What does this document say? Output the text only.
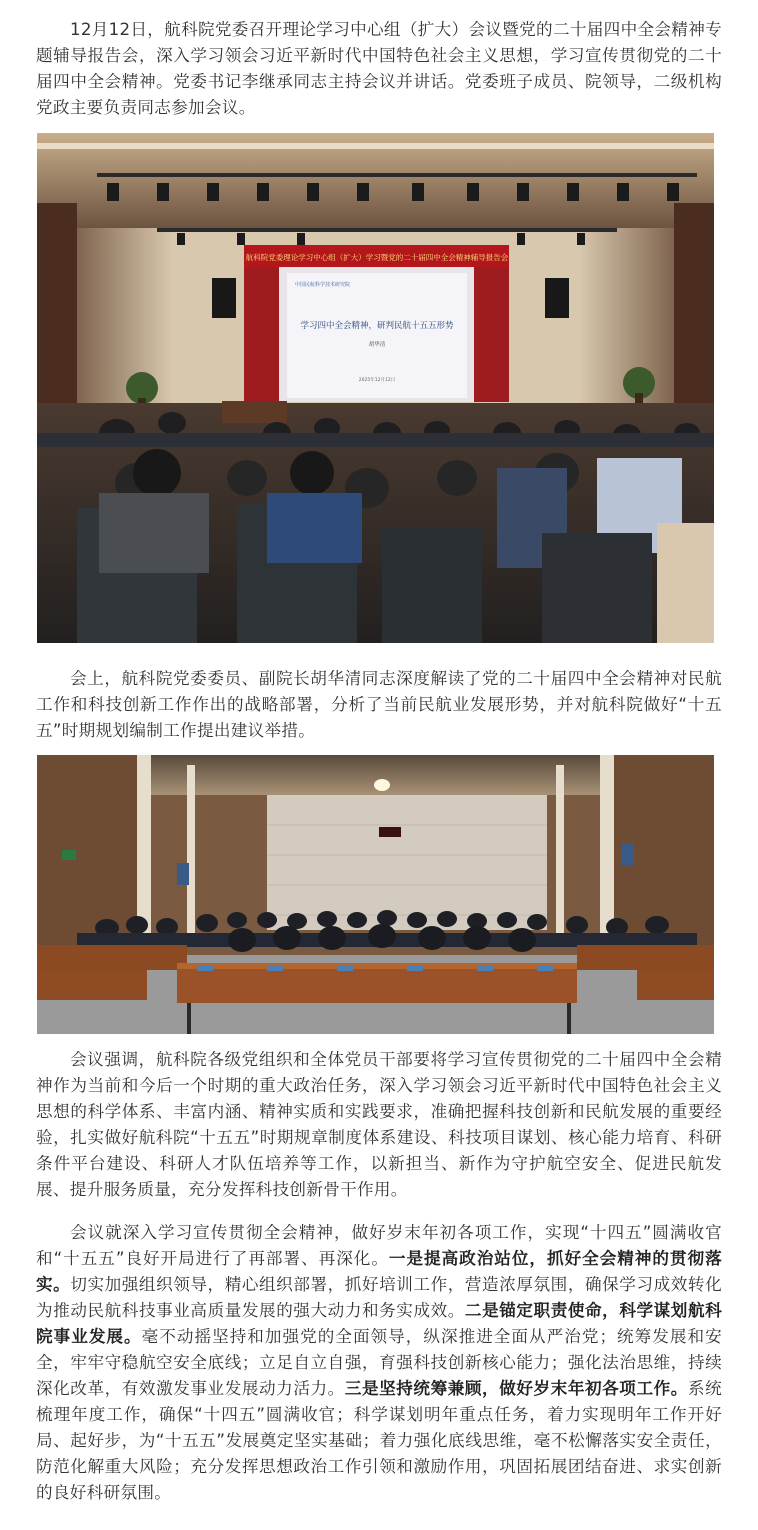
12月12日，航科院党委召开理论学习中心组（扩大）会议暨党的二十届四中全会精神专题辅导报告会，深入学习领会习近平新时代中国特色社会主义思想，学习宣传贯彻党的二十届四中全会精神。党委书记李继承同志主持会议并讲话。党委班子成员、院领导，二级机构党政主要负责同志参加会议。

航科院党委理论学习中心组（扩大）学习暨党的二十届四中全会精神辅导报告会
中国民航科学技术研究院
学习四中全会精神，研判民航十五五形势
胡华清
2025年12月12日

会上，航科院党委委员、副院长胡华清同志深度解读了党的二十届四中全会精神对民航工作和科技创新工作作出的战略部署，分析了当前民航业发展形势，并对航科院做好“十五五”时期规划编制工作提出建议举措。

会议强调，航科院各级党组织和全体党员干部要将学习宣传贯彻党的二十届四中全会精神作为当前和今后一个时期的重大政治任务，深入学习领会习近平新时代中国特色社会主义思想的科学体系、丰富内涵、精神实质和实践要求，准确把握科技创新和民航发展的重要经验，扎实做好航科院“十五五”时期规章制度体系建设、科技项目谋划、核心能力培育、科研条件平台建设、科研人才队伍培养等工作，以新担当、新作为守护航空安全、促进民航发展、提升服务质量，充分发挥科技创新骨干作用。

会议就深入学习宣传贯彻全会精神，做好岁末年初各项工作，实现“十四五”圆满收官和“十五五”良好开局进行了再部署、再深化。一是提高政治站位，抓好全会精神的贯彻落实。切实加强组织领导，精心组织部署，抓好培训工作，营造浓厚氛围，确保学习成效转化为推动民航科技事业高质量发展的强大动力和务实成效。二是锚定职责使命，科学谋划航科院事业发展。毫不动摇坚持和加强党的全面领导，纵深推进全面从严治党；统筹发展和安全，牢牢守稳航空安全底线；立足自立自强，育强科技创新核心能力；强化法治思维，持续深化改革，有效激发事业发展动力活力。三是坚持统筹兼顾，做好岁末年初各项工作。系统梳理年度工作，确保“十四五”圆满收官；科学谋划明年重点任务，着力实现明年工作开好局、起好步，为“十五五”发展奠定坚实基础；着力强化底线思维，毫不松懈落实安全责任，防范化解重大风险；充分发挥思想政治工作引领和激励作用，巩固拓展团结奋进、求实创新的良好科研氛围。
